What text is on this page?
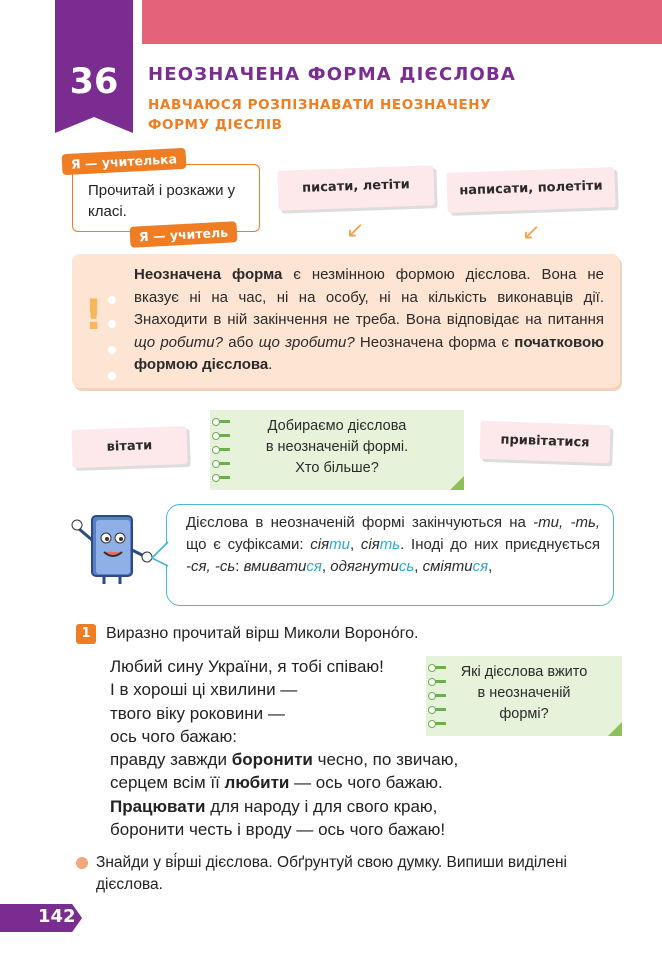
36	НЕОЗНАЧЕНА ФОРМА ДІЄСЛОВА
НАВЧАЮСЯ РОЗПІЗНАВАТИ НЕОЗНАЧЕНУ ФОРМУ ДІЄСЛІВ
Прочитай і розкажи у класі.
Я — учителька
Я — учитель
писати, летіти	написати, полетіти
↙	↙
!
Неозначена форма є незмінною формою дієслова. Вона не вказує ні на час, ні на особу, ні на кількість виконавців дії. Знаходити в ній закінчення не треба. Вона відповідає на питання що робити? або що зробити? Неозначена форма є початковою формою дієслова.
вітати	привітатися
Добираємо дієслова
в неозначеній формі.
Хто більше?
Дієслова в неозначеній формі закінчуються на -ти, -ть, що є суфіксами: сіяти, сіять. Іноді до них приєднується -ся, -сь: вмиватися, одягнутись, сміятися,
1 Виразно прочитай вірш Миколи Вороно́го.
Любий сину України, я тобі співаю!
І в хороші ці хвилини —
твого віку роковини —
ось чого бажаю:
правду завжди боронити чесно, по звичаю,
серцем всім її любити — ось чого бажаю.
Працювати для народу і для свого краю,
боронити честь і вроду — ось чого бажаю!
Які дієслова вжито
в неозначеній
формі?
Знайди у ві́рші дієслова. Обґрунтуй свою думку. Випиши виділені дієслова.
142
